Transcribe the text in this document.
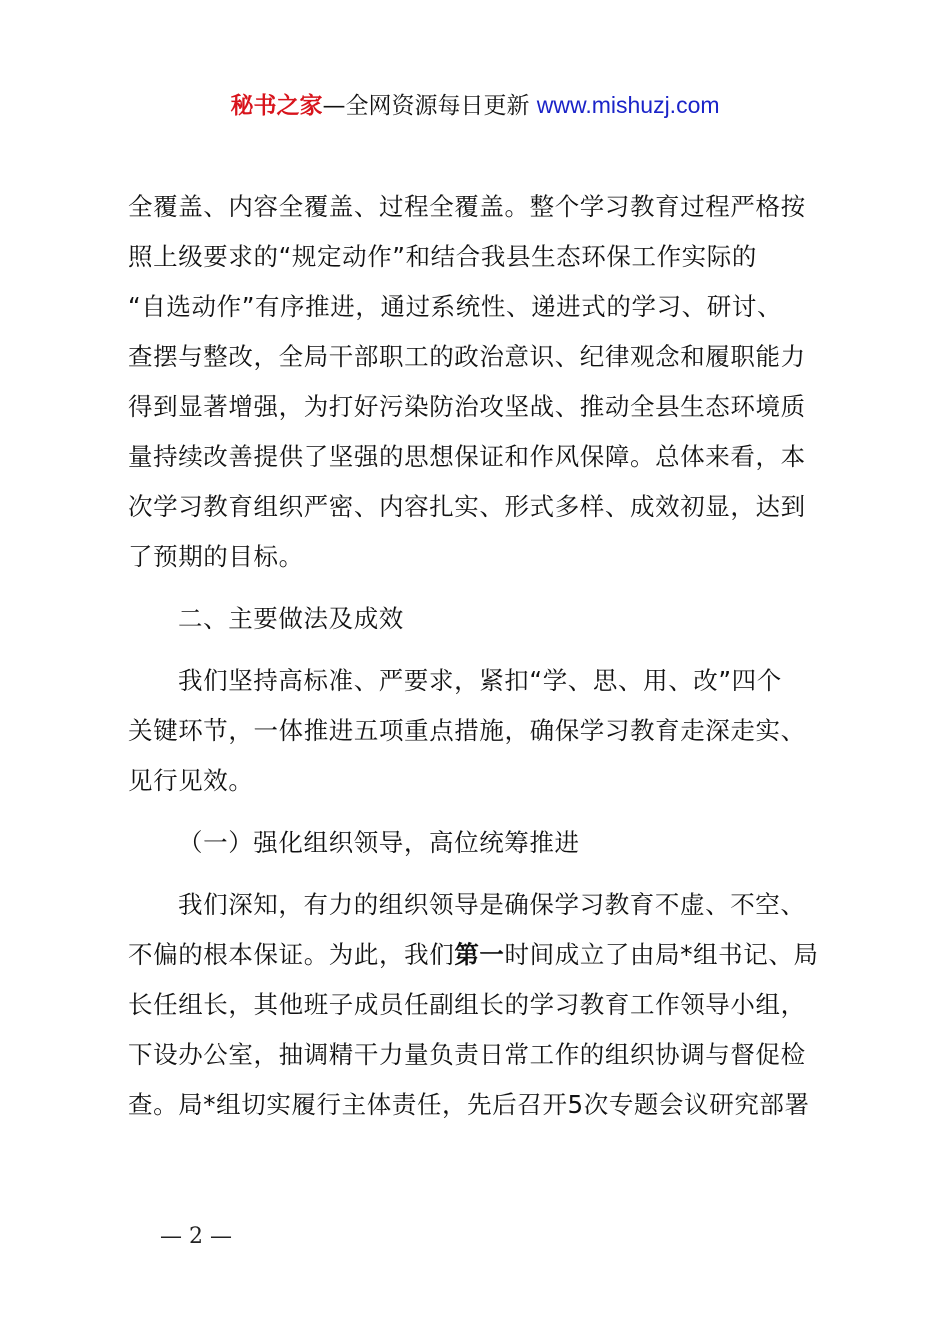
秘书之家—全网资源每日更新 www.mishuzj.com
全覆盖、内容全覆盖、过程全覆盖。整个学习教育过程严格按
照上级要求的“规定动作”和结合我县生态环保工作实际的
“自选动作”有序推进，通过系统性、递进式的学习、研讨、
查摆与整改，全局干部职工的政治意识、纪律观念和履职能力
得到显著增强，为打好污染防治攻坚战、推动全县生态环境质
量持续改善提供了坚强的思想保证和作风保障。总体来看，本
次学习教育组织严密、内容扎实、形式多样、成效初显，达到
了预期的目标。
二、主要做法及成效
我们坚持高标准、严要求，紧扣“学、思、用、改”四个
关键环节，一体推进五项重点措施，确保学习教育走深走实、
见行见效。
（一）强化组织领导，高位统筹推进
我们深知，有力的组织领导是确保学习教育不虚、不空、
不偏的根本保证。为此，我们第一时间成立了由局*组书记、局
长任组长，其他班子成员任副组长的学习教育工作领导小组，
下设办公室，抽调精干力量负责日常工作的组织协调与督促检
查。局*组切实履行主体责任，先后召开5次专题会议研究部署
— 2 —
